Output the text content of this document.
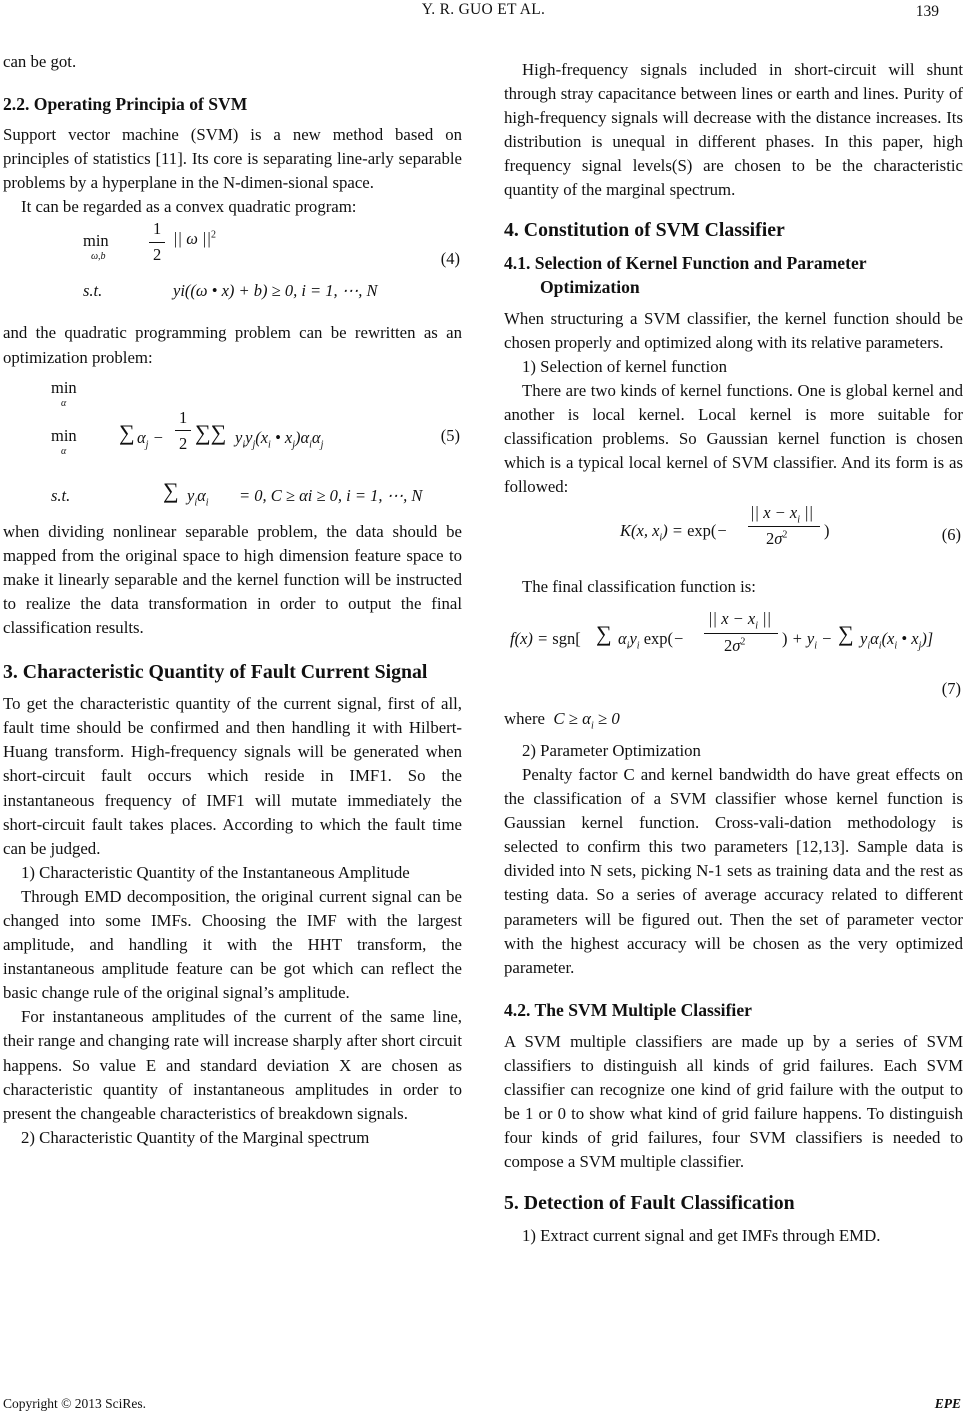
Y. R. GUO ET AL.	139

can be got.

2.2. Operating Principia of SVM

Support vector machine (SVM) is a new method based on principles of statistics [11]. Its core is separating line-arly separable problems by a hyperplane in the N-dimen-sional space.

It can be regarded as a convex quadratic program:

min
ω,b
1
2
|| ω $||^2$
s.t.	yi((ω • x) + b) ≥ 0, i = 1, ⋯, N
(4)

and the quadratic programming problem can be rewritten as an optimization problem:

min
α
min
α
∑ $\alpha_j$ −
1
2 ∑∑ $y_iy_j(x_i$ • $x_j)\alpha_i\alpha_j$
s.t.	∑ $y_i\alpha_i = 0$, C ≥ αi ≥ 0, i = 1, ⋯, N
(5)

when dividing nonlinear separable problem, the data should be mapped from the original space to high dimension feature space to make it linearly separable and the kernel function will be instructed to realize the data transformation in order to output the final classification results.

3. Characteristic Quantity of Fault Current Signal

To get the characteristic quantity of the current signal, first of all, fault time should be confirmed and then handling it with Hilbert-Huang transform. High-frequency signals will be generated when short-circuit fault occurs which reside in IMF1. So the instantaneous frequency of IMF1 will mutate immediately the short-circuit fault takes places. According to which the fault time can be judged.

1) Characteristic Quantity of the Instantaneous Amplitude

Through EMD decomposition, the original current signal can be changed into some IMFs. Choosing the IMF with the largest amplitude, and handling it with the HHT transform, the instantaneous amplitude feature can be got which can reflect the basic change rule of the original signal’s amplitude.

For instantaneous amplitudes of the current of the same line, their range and changing rate will increase sharply after short circuit happens. So value E and standard deviation X are chosen as characteristic quantity of instantaneous amplitudes in order to present the changeable characteristics of breakdown signals.

2) Characteristic Quantity of the Marginal spectrum

High-frequency signals included in short-circuit will shunt through stray capacitance between lines or earth and lines. Purity of high-frequency signals will decrease with the distance increases. Its distribution is unequal in different phases. In this paper, high frequency signal levels(S) are chosen to be the characteristic quantity of the marginal spectrum.

4. Constitution of SVM Classifier
4.1. Selection of Kernel Function and Parameter Optimization

When structuring a SVM classifier, the kernel function should be chosen properly and optimized along with its relative parameters.

1) Selection of kernel function

There are two kinds of kernel functions. One is global kernel and another is local kernel. Local kernel is more suitable for classification problems. So Gaussian kernel function is chosen which is a typical local kernel of SVM classifier. And its form is as followed:

K(x, $x_i) = \exp(-$
|| $x - x_i$ ||
$2\sigma^2$ )	(6)

The final classification function is:

f(x) = sgn[ ∑ $\alpha_iy_i$ exp(−
|| $x - x_i$ ||
$2\sigma^2$ ) + $y_i$ − ∑ $y_i\alpha_i(x_i$ • $x_j$)]
(7)

where $C \ge \alpha_i \ge 0$

2) Parameter Optimization

Penalty factor C and kernel bandwidth do have great effects on the classification of a SVM classifier whose kernel function is Gaussian kernel function. Cross-vali-dation methodology is selected to confirm this two parameters [12,13]. Sample data is divided into N sets, picking N-1 sets as training data and the rest as testing data. So a series of average accuracy related to different parameters will be figured out. Then the set of parameter vector with the highest accuracy will be chosen as the very optimized parameter.

4.2. The SVM Multiple Classifier

A SVM multiple classifiers are made up by a series of SVM classifiers to distinguish all kinds of grid failures. Each SVM classifier can recognize one kind of grid failure with the output to be 1 or 0 to show what kind of grid failure happens. To distinguish four kinds of grid failures, four SVM classifiers is needed to compose a SVM multiple classifier.

5. Detection of Fault Classification

1) Extract current signal and get IMFs through EMD.

Copyright © 2013 SciRes.	EPE
